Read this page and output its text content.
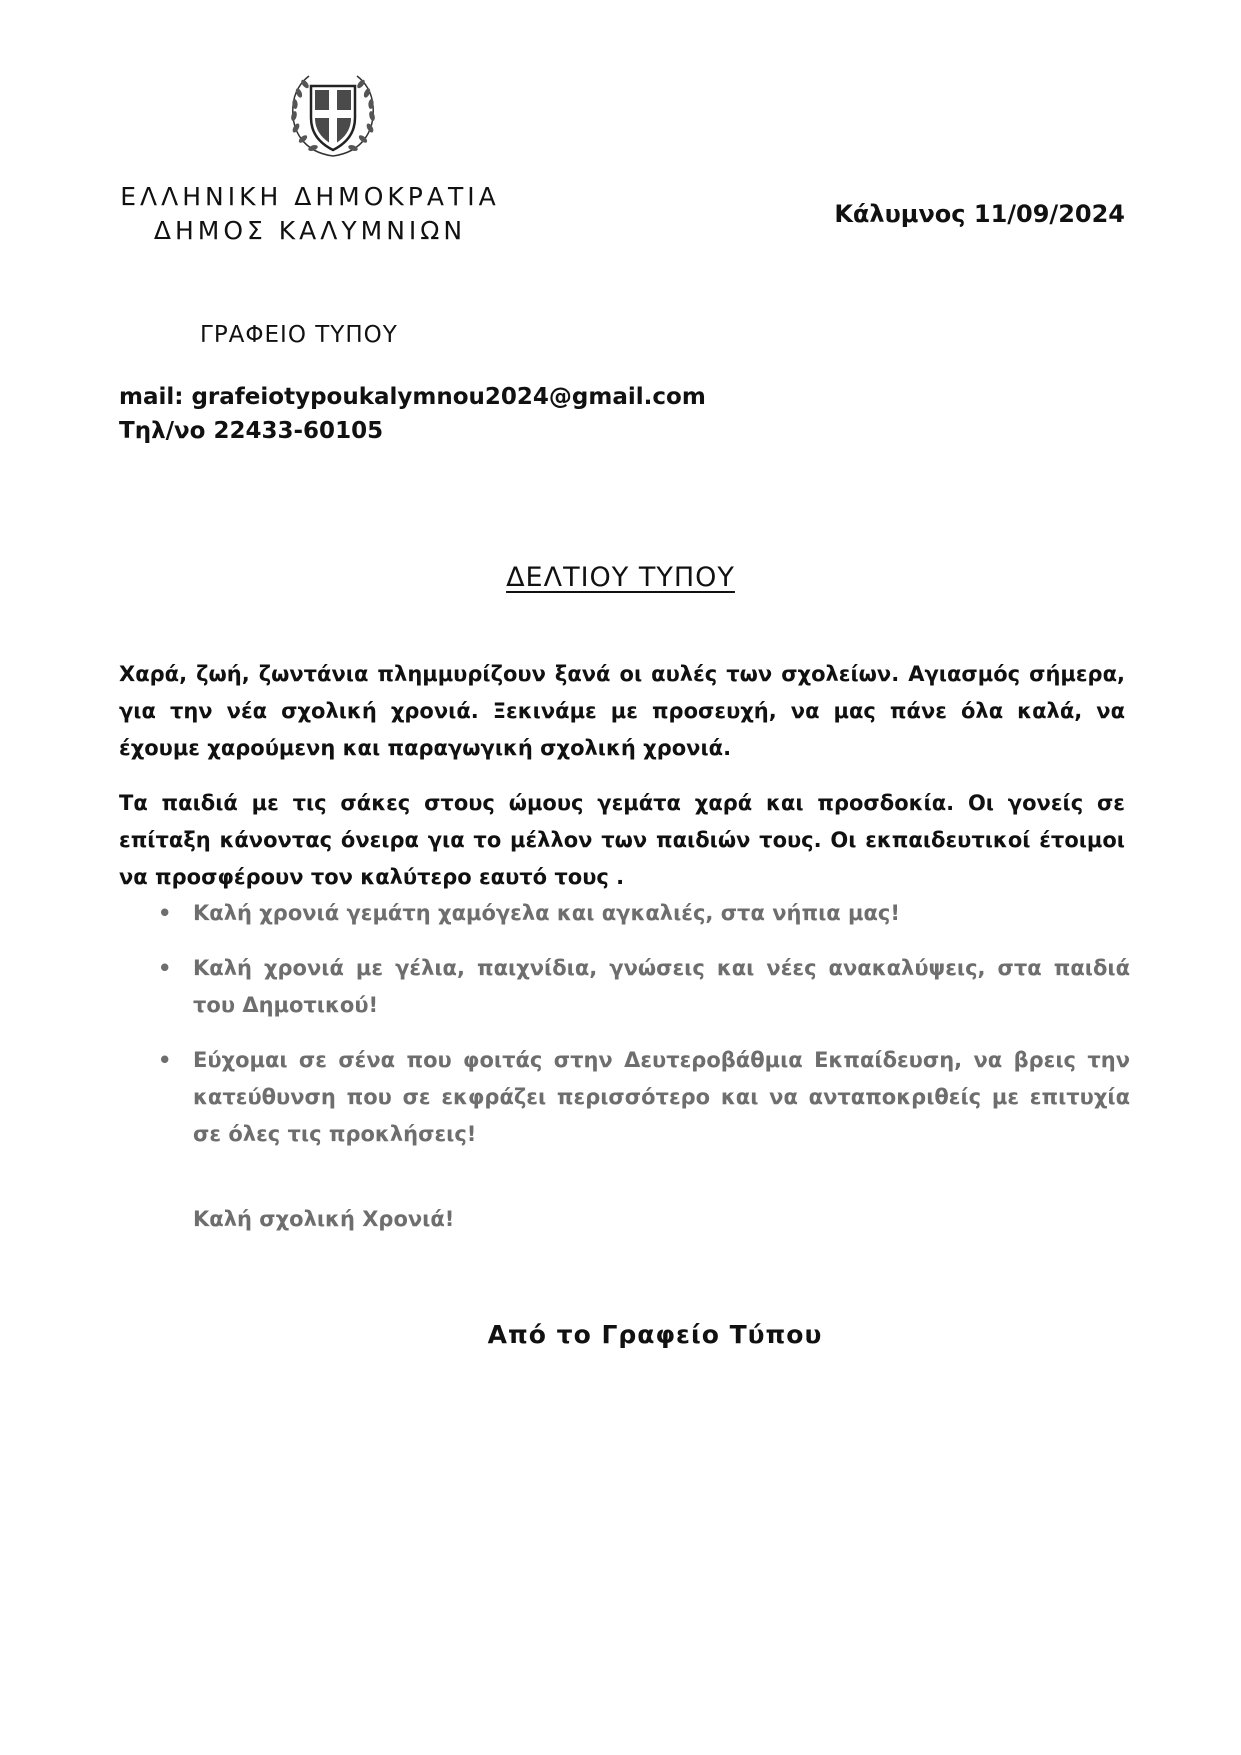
ΕΛΛΗΝΙΚΗ ΔΗΜΟΚΡΑΤΙΑ
ΔΗΜΟΣ ΚΑΛΥΜΝΙΩΝ
Κάλυμνος 11/09/2024
ΓΡΑΦΕΙΟ ΤΥΠΟΥ
mail: grafeiotypoukalymnou2024@gmail.com
Τηλ/νο 22433-60105
ΔΕΛΤΙΟΥ ΤΥΠΟΥ

Χαρά, ζωή, ζωντάνια πλημμυρίζουν ξανά οι αυλές των σχολείων. Αγιασμός σήμερα, για την νέα σχολική χρονιά. Ξεκινάμε με προσευχή, να μας πάνε όλα καλά, να έχουμε χαρούμενη και παραγωγική σχολική χρονιά.

Τα παιδιά με τις σάκες στους ώμους γεμάτα χαρά και προσδοκία. Οι γονείς σε επίταξη κάνοντας όνειρα για το μέλλον των παιδιών τους. Οι εκπαιδευτικοί έτοιμοι να προσφέρουν τον καλύτερο εαυτό τους .

• Καλή χρονιά γεμάτη χαμόγελα και αγκαλιές, στα νήπια μας!
• Καλή χρονιά με γέλια, παιχνίδια, γνώσεις και νέες ανακαλύψεις, στα παιδιά του Δημοτικού!
• Εύχομαι σε σένα που φοιτάς στην Δευτεροβάθμια Εκπαίδευση, να βρεις την κατεύθυνση που σε εκφράζει περισσότερο και να ανταποκριθείς με επιτυχία σε όλες τις προκλήσεις!
Καλή σχολική Χρονιά!
Από το Γραφείο Τύπου
